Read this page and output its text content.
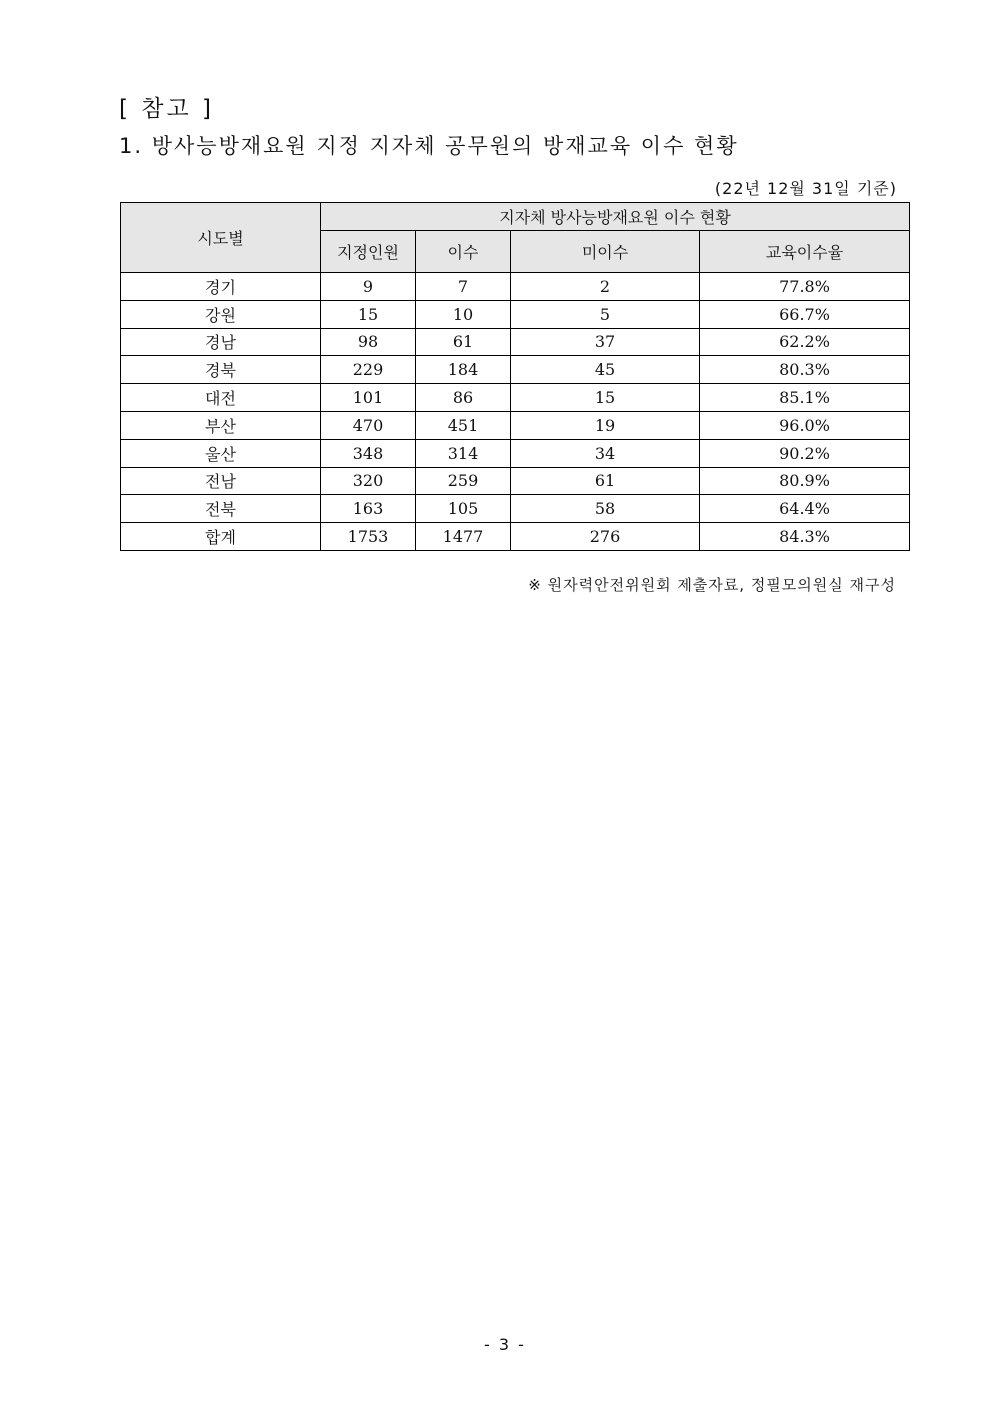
[ 참고 ]
1. 방사능방재요원 지정 지자체 공무원의 방재교육 이수 현황
(22년 12월 31일 기준)
시도별	지자체 방사능방재요원 이수 현황			
	지정인원	이수	미이수	교육이수율
경기	9	7	2	77.8%
강원	15	10	5	66.7%
경남	98	61	37	62.2%
경북	229	184	45	80.3%
대전	101	86	15	85.1%
부산	470	451	19	96.0%
울산	348	314	34	90.2%
전남	320	259	61	80.9%
전북	163	105	58	64.4%
합계	1753	1477	276	84.3%
※ 원자력안전위원회 제출자료, 정필모의원실 재구성
- 3 -
